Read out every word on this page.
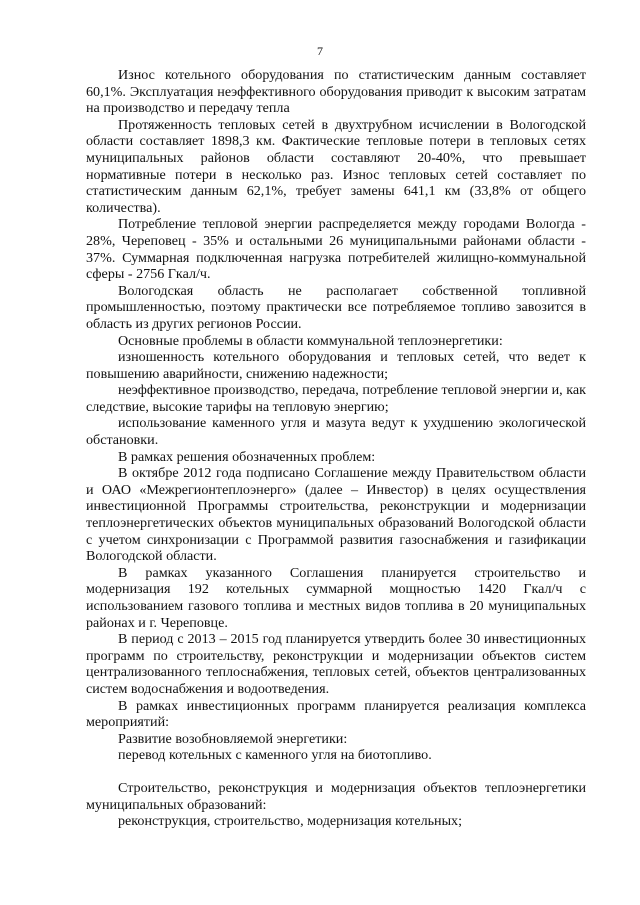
7

Износ котельного оборудования по статистическим данным составляет 60,1%. Эксплуатация неэффективного оборудования приводит к высоким затратам на производство и передачу тепла

Протяженность тепловых сетей в двухтрубном исчислении в Вологодской области составляет 1898,3 км. Фактические тепловые потери в тепловых сетях муниципальных районов области составляют 20-40%, что превышает нормативные потери в несколько раз. Износ тепловых сетей составляет по статистическим данным 62,1%, требует замены 641,1 км (33,8% от общего количества).

Потребление тепловой энергии распределяется между городами Вологда - 28%, Череповец - 35% и остальными 26 муниципальными районами области - 37%. Суммарная подключенная нагрузка потребителей жилищно-коммунальной сферы - 2756 Гкал/ч.

Вологодская область не располагает собственной топливной промышленностью, поэтому практически все потребляемое топливо завозится в область из других регионов России.

Основные проблемы в области коммунальной теплоэнергетики:

изношенность котельного оборудования и тепловых сетей, что ведет к повышению аварийности, снижению надежности;

неэффективное производство, передача, потребление тепловой энергии и, как следствие, высокие тарифы на тепловую энергию;

использование каменного угля и мазута ведут к ухудшению экологической обстановки.

В рамках решения обозначенных проблем:

В октябре 2012 года подписано Соглашение между Правительством области и ОАО «Межрегионтеплоэнерго» (далее – Инвестор) в целях осуществления инвестиционной Программы строительства, реконструкции и модернизации теплоэнергетических объектов муниципальных образований Вологодской области с учетом синхронизации с Программой развития газоснабжения и газификации Вологодской области.

В рамках указанного Соглашения планируется строительство и модернизация 192 котельных суммарной мощностью 1420 Гкал/ч с использованием газового топлива и местных видов топлива в 20 муниципальных районах и г. Череповце.

В период с 2013 – 2015 год планируется утвердить более 30 инвестиционных программ по строительству, реконструкции и модернизации объектов систем централизованного теплоснабжения, тепловых сетей, объектов централизованных систем водоснабжения и водоотведения.

В рамках инвестиционных программ планируется реализация комплекса мероприятий:

Развитие возобновляемой энергетики:

перевод котельных с каменного угля на биотопливо.

Строительство, реконструкция и модернизация объектов теплоэнергетики муниципальных образований:

реконструкция, строительство, модернизация котельных;
